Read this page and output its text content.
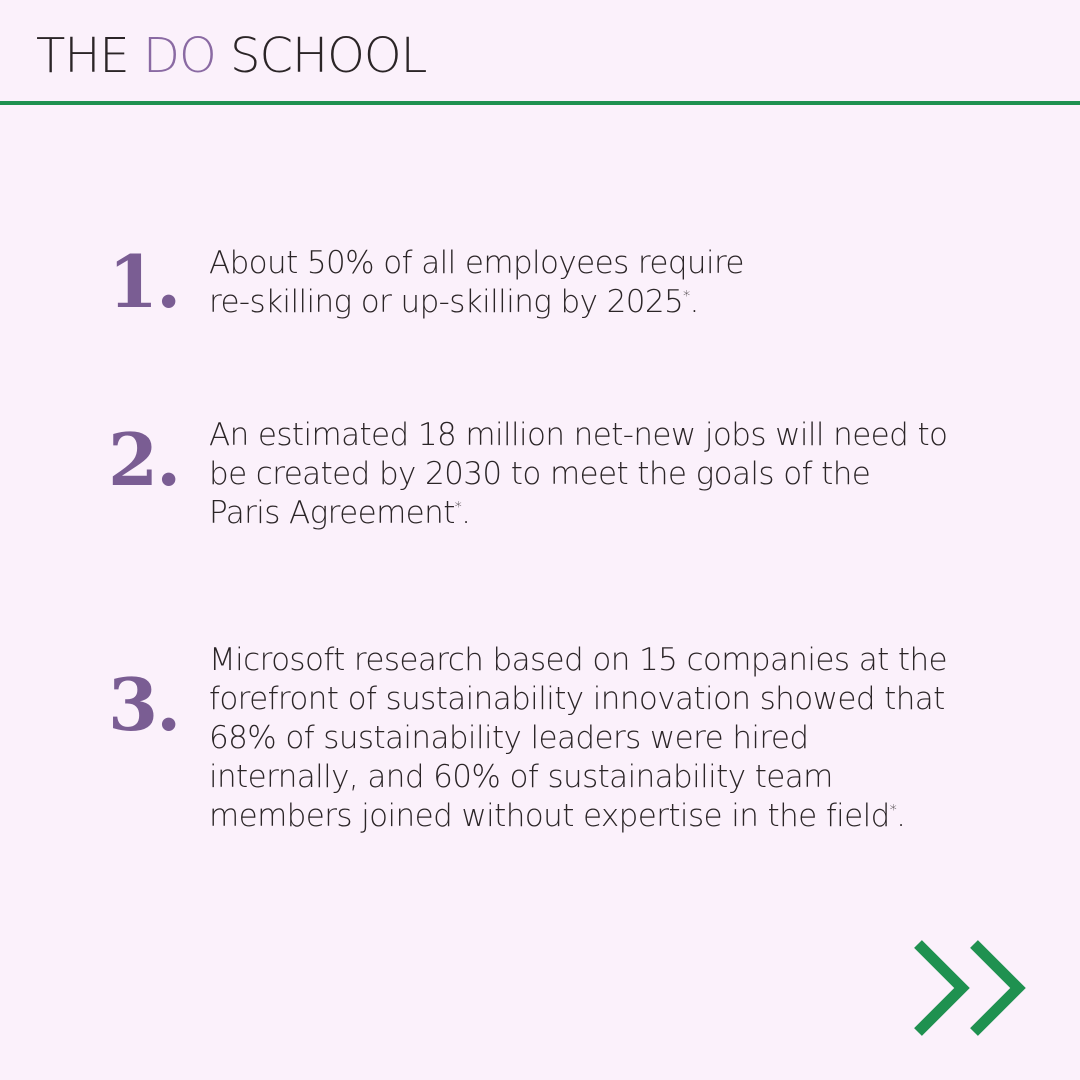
THE DO SCHOOL
1. About 50% of all employees require
re-skilling or up-skilling by 2025*.
2. An estimated 18 million net-new jobs will need to be created by 2030 to meet the goals of the Paris Agreement*.
3.
Microsoft research based on 15 companies at the forefront of sustainability innovation showed that 68% of sustainability leaders were hired internally, and 60% of sustainability team members joined without expertise in the field*.
